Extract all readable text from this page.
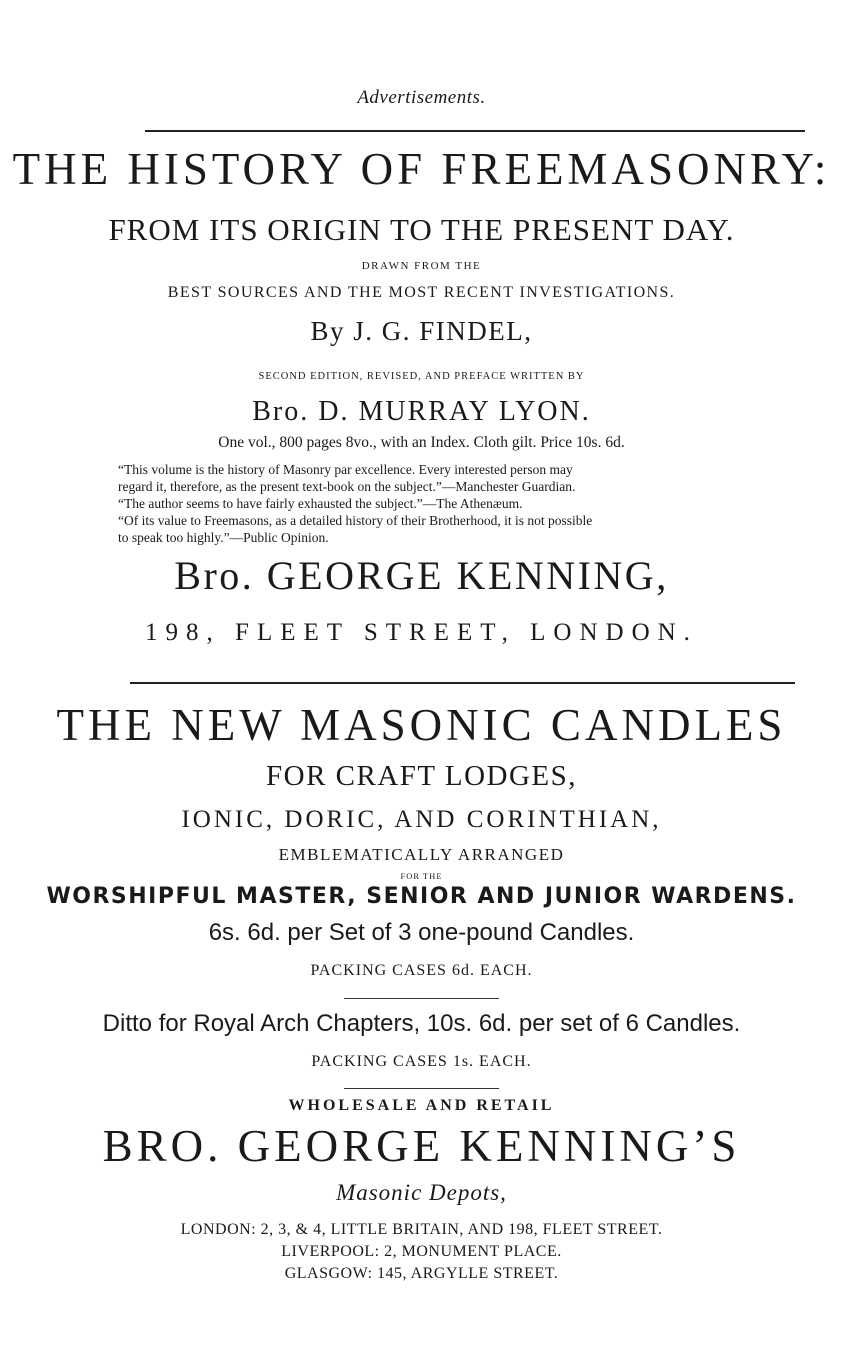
Advertisements.
THE HISTORY OF FREEMASONRY:
FROM ITS ORIGIN TO THE PRESENT DAY.
DRAWN FROM THE
BEST SOURCES AND THE MOST RECENT INVESTIGATIONS.
By J. G. FINDEL,
SECOND EDITION, REVISED, AND PREFACE WRITTEN BY
Bro. D. MURRAY LYON.
One vol., 800 pages 8vo., with an Index. Cloth gilt. Price 10s. 6d.
“This volume is the history of Masonry par excellence. Every interested person may
regard it, therefore, as the present text-book on the subject.”—Manchester Guardian.
“The author seems to have fairly exhausted the subject.”—The Athenæum.
“Of its value to Freemasons, as a detailed history of their Brotherhood, it is not possible
to speak too highly.”—Public Opinion.
Bro. GEORGE KENNING,
198, FLEET STREET, LONDON.
THE NEW MASONIC CANDLES
FOR CRAFT LODGES,
IONIC, DORIC, AND CORINTHIAN,
EMBLEMATICALLY ARRANGED
FOR THE
WORSHIPFUL MASTER, SENIOR AND JUNIOR WARDENS.
6s. 6d. per Set of 3 one-pound Candles.
PACKING CASES 6d. EACH.
Ditto for Royal Arch Chapters, 10s. 6d. per set of 6 Candles.
PACKING CASES 1s. EACH.
WHOLESALE AND RETAIL
BRO. GEORGE KENNING’S
Masonic Depots,
LONDON: 2, 3, & 4, LITTLE BRITAIN, AND 198, FLEET STREET.
LIVERPOOL: 2, MONUMENT PLACE.
GLASGOW: 145, ARGYLLE STREET.
